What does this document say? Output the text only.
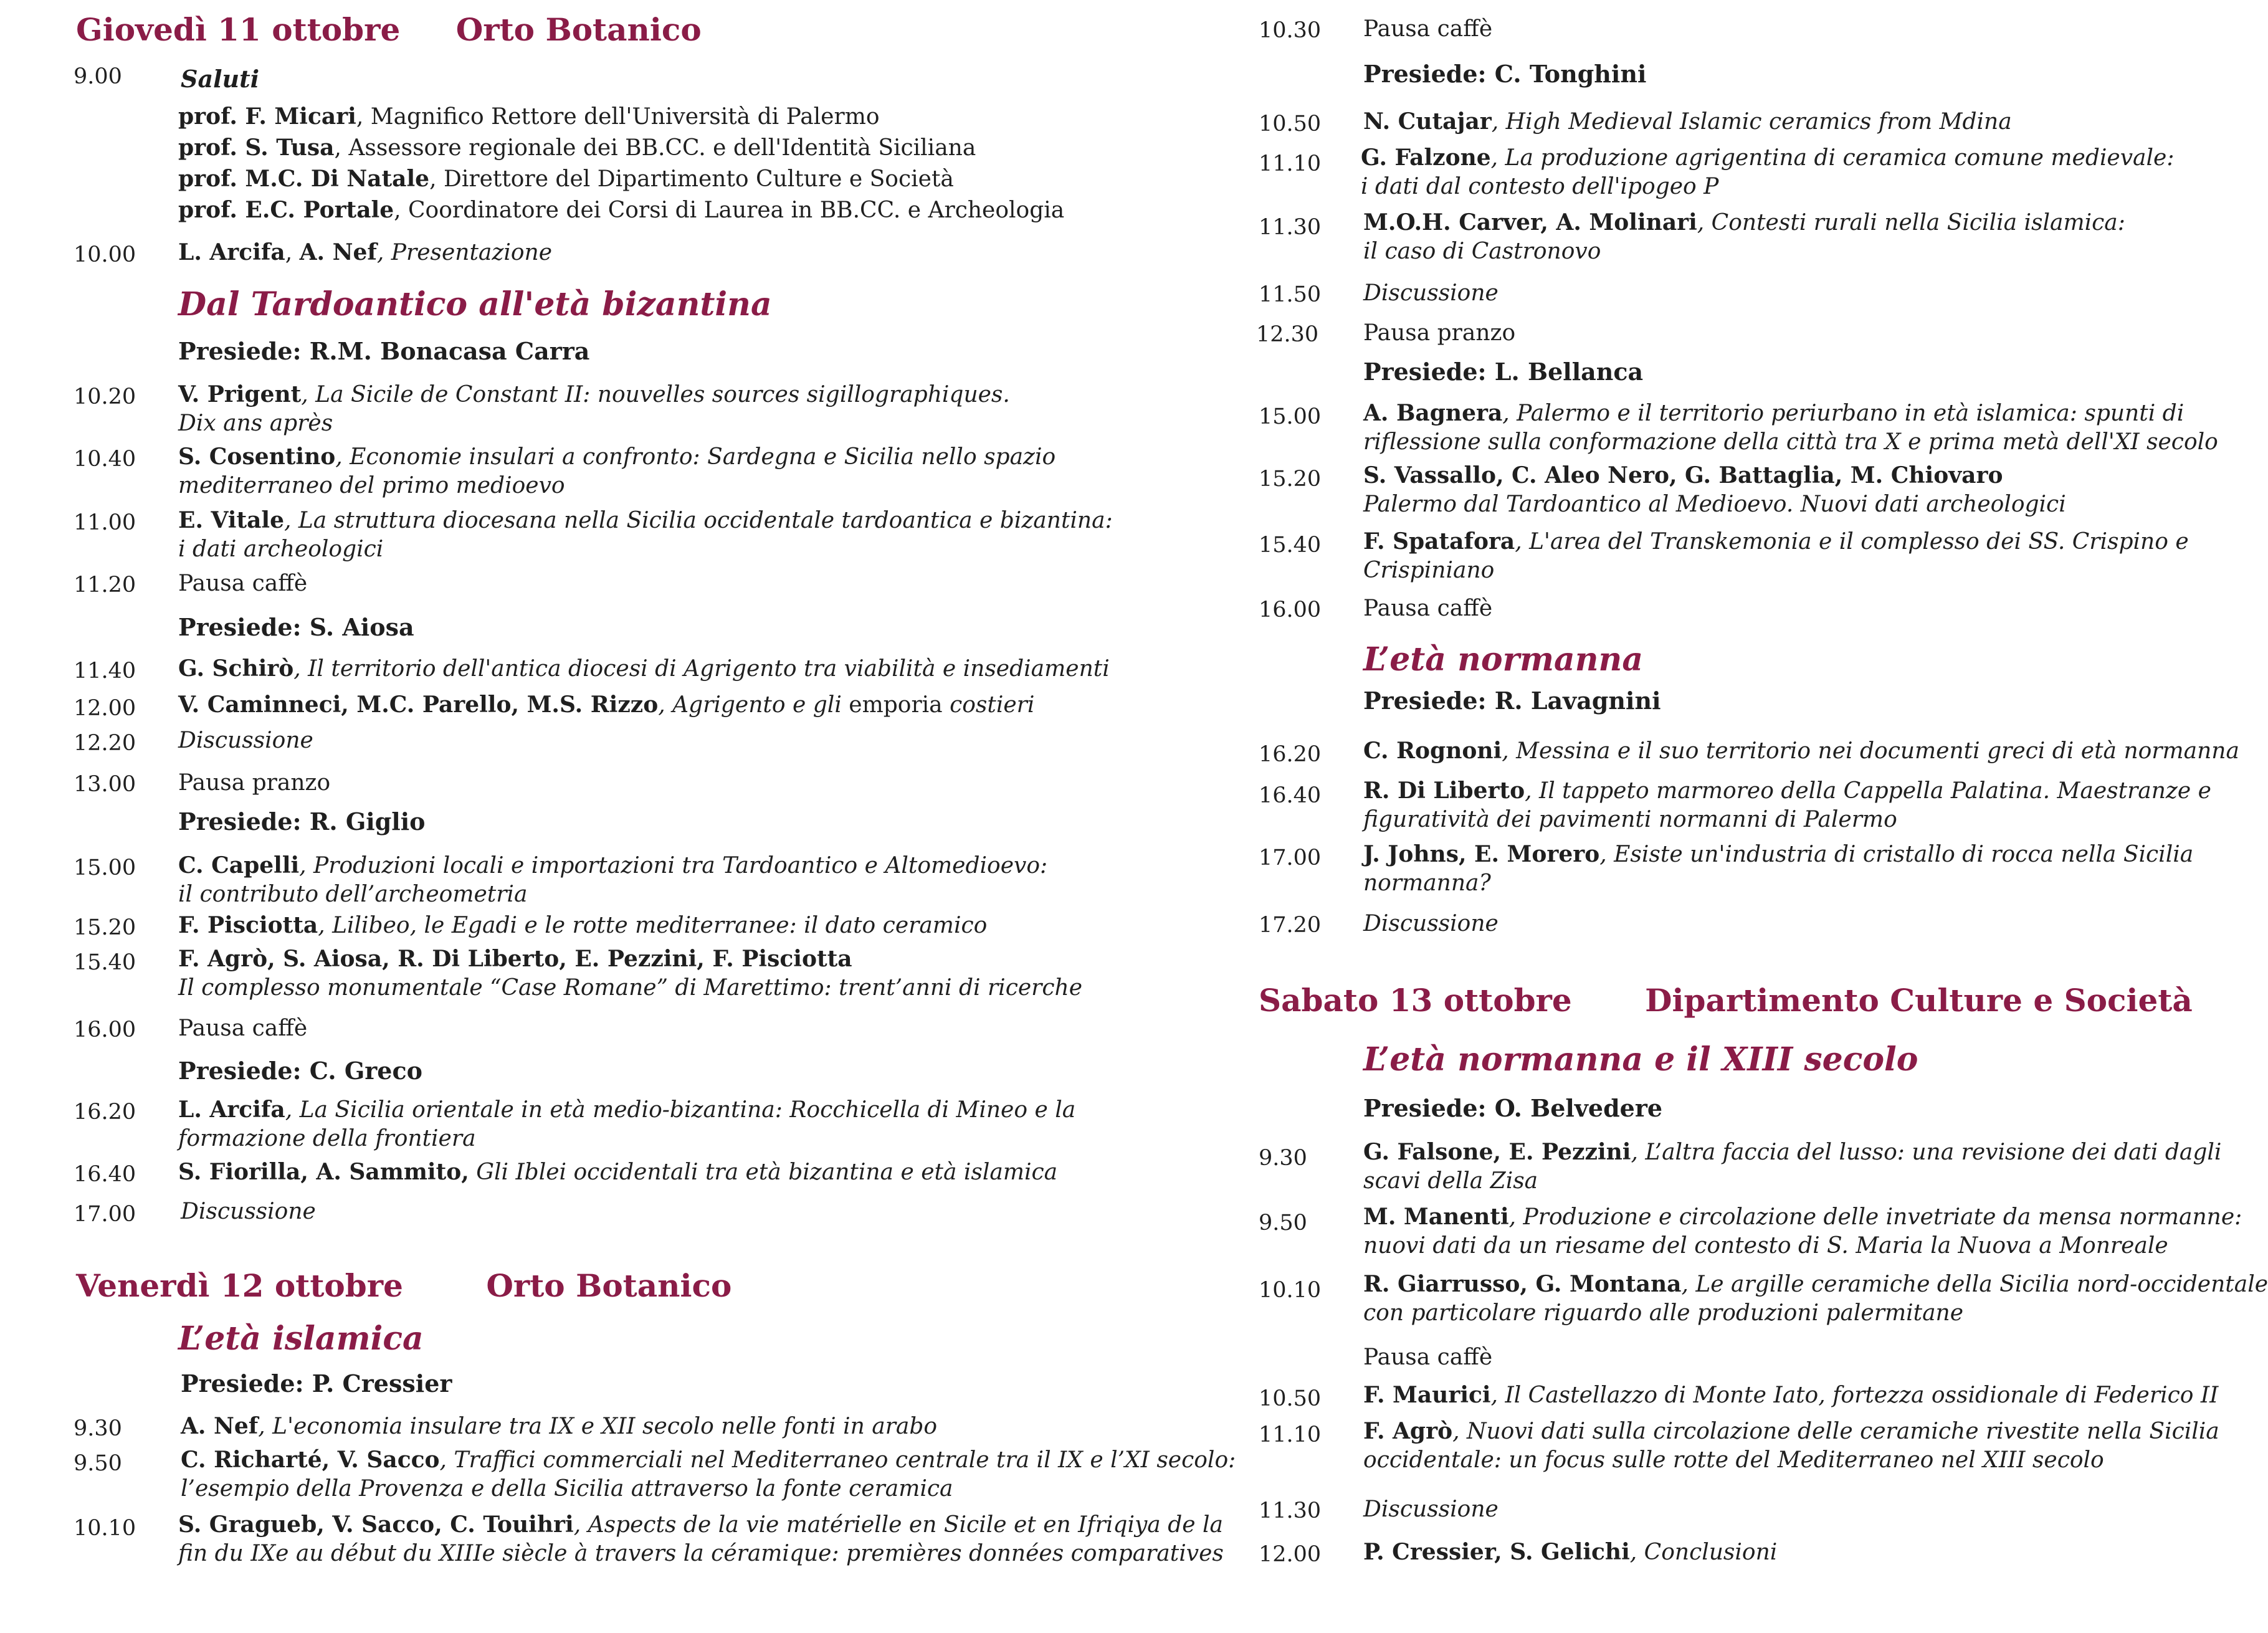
Giovedì 11 ottobre Orto Botanico
9.00 Saluti
prof. F. Micari, Magnifico Rettore dell'Università di Palermo
prof. S. Tusa, Assessore regionale dei BB.CC. e dell'Identità Siciliana
prof. M.C. Di Natale, Direttore del Dipartimento Culture e Società
prof. E.C. Portale, Coordinatore dei Corsi di Laurea in BB.CC. e Archeologia
10.00 L. Arcifa, A. Nef, Presentazione
Dal Tardoantico all'età bizantina
Presiede: R.M. Bonacasa Carra
10.20 V. Prigent, La Sicile de Constant II: nouvelles sources sigillographiques.
Dix ans après
10.40 S. Cosentino, Economie insulari a confronto: Sardegna e Sicilia nello spazio
mediterraneo del primo medioevo
11.00 E. Vitale, La struttura diocesana nella Sicilia occidentale tardoantica e bizantina:
i dati archeologici
11.20 Pausa caffè
Presiede: S. Aiosa
11.40 G. Schirò, Il territorio dell'antica diocesi di Agrigento tra viabilità e insediamenti
12.00 V. Caminneci, M.C. Parello, M.S. Rizzo, Agrigento e gli emporia costieri
12.20 Discussione
13.00 Pausa pranzo
Presiede: R. Giglio
15.00 C. Capelli, Produzioni locali e importazioni tra Tardoantico e Altomedioevo:
il contributo dell’archeometria
15.20 F. Pisciotta, Lilibeo, le Egadi e le rotte mediterranee: il dato ceramico
15.40 F. Agrò, S. Aiosa, R. Di Liberto, E. Pezzini, F. Pisciotta
Il complesso monumentale “Case Romane” di Marettimo: trent’anni di ricerche
16.00 Pausa caffè
Presiede: C. Greco
16.20 L. Arcifa, La Sicilia orientale in età medio-bizantina: Rocchicella di Mineo e la
formazione della frontiera
16.40 S. Fiorilla, A. Sammito, Gli Iblei occidentali tra età bizantina e età islamica
17.00 Discussione
Venerdì 12 ottobre	Orto Botanico
L’età islamica
Presiede: P. Cressier
9.30	A. Nef, L'economia insulare tra IX e XII secolo nelle fonti in arabo
9.50	C. Richarté, V. Sacco, Traffici commerciali nel Mediterraneo centrale tra il IX e l’XI secolo:
l’esempio della Provenza e della Sicilia attraverso la fonte ceramica
10.10 S. Gragueb, V. Sacco, C. Touihri, Aspects de la vie matérielle en Sicile et en Ifriqiya de la
fin du IXe au début du XIIIe siècle à travers la céramique: premières données comparatives
10.30 Pausa caffè
Presiede: C. Tonghini
10.50 N. Cutajar, High Medieval Islamic ceramics from Mdina
11.10 G. Falzone, La produzione agrigentina di ceramica comune medievale:
i dati dal contesto dell'ipogeo P
11.30 M.O.H. Carver, A. Molinari, Contesti rurali nella Sicilia islamica:
il caso di Castronovo
11.50 Discussione
12.30 Pausa pranzo
Presiede: L. Bellanca
15.00 A. Bagnera, Palermo e il territorio periurbano in età islamica: spunti di
riflessione sulla conformazione della città tra X e prima metà dell'XI secolo
15.20 S. Vassallo, C. Aleo Nero, G. Battaglia, M. Chiovaro
Palermo dal Tardoantico al Medioevo. Nuovi dati archeologici
15.40 F. Spatafora, L'area del Transkemonia e il complesso dei SS. Crispino e
Crispiniano
16.00 Pausa caffè
L’età normanna
Presiede: R. Lavagnini
16.20 C. Rognoni, Messina e il suo territorio nei documenti greci di età normanna
16.40 R. Di Liberto, Il tappeto marmoreo della Cappella Palatina. Maestranze e
figuratività dei pavimenti normanni di Palermo
17.00 J. Johns, E. Morero, Esiste un'industria di cristallo di rocca nella Sicilia
normanna?
17.20 Discussione
Sabato 13 ottobre Dipartimento Culture e Società
L’età normanna e il XIII secolo
Presiede: O. Belvedere
9.30	G. Falsone, E. Pezzini, L’altra faccia del lusso: una revisione dei dati dagli
scavi della Zisa
9.50	M. Manenti, Produzione e circolazione delle invetriate da mensa normanne:
nuovi dati da un riesame del contesto di S. Maria la Nuova a Monreale
10.10 R. Giarrusso, G. Montana, Le argille ceramiche della Sicilia nord-occidentale
con particolare riguardo alle produzioni palermitane
Pausa caffè
10.50 F. Maurici, Il Castellazzo di Monte Iato, fortezza ossidionale di Federico II
11.10 F. Agrò, Nuovi dati sulla circolazione delle ceramiche rivestite nella Sicilia
occidentale: un focus sulle rotte del Mediterraneo nel XIII secolo
11.30 Discussione
12.00 P. Cressier, S. Gelichi, Conclusioni
